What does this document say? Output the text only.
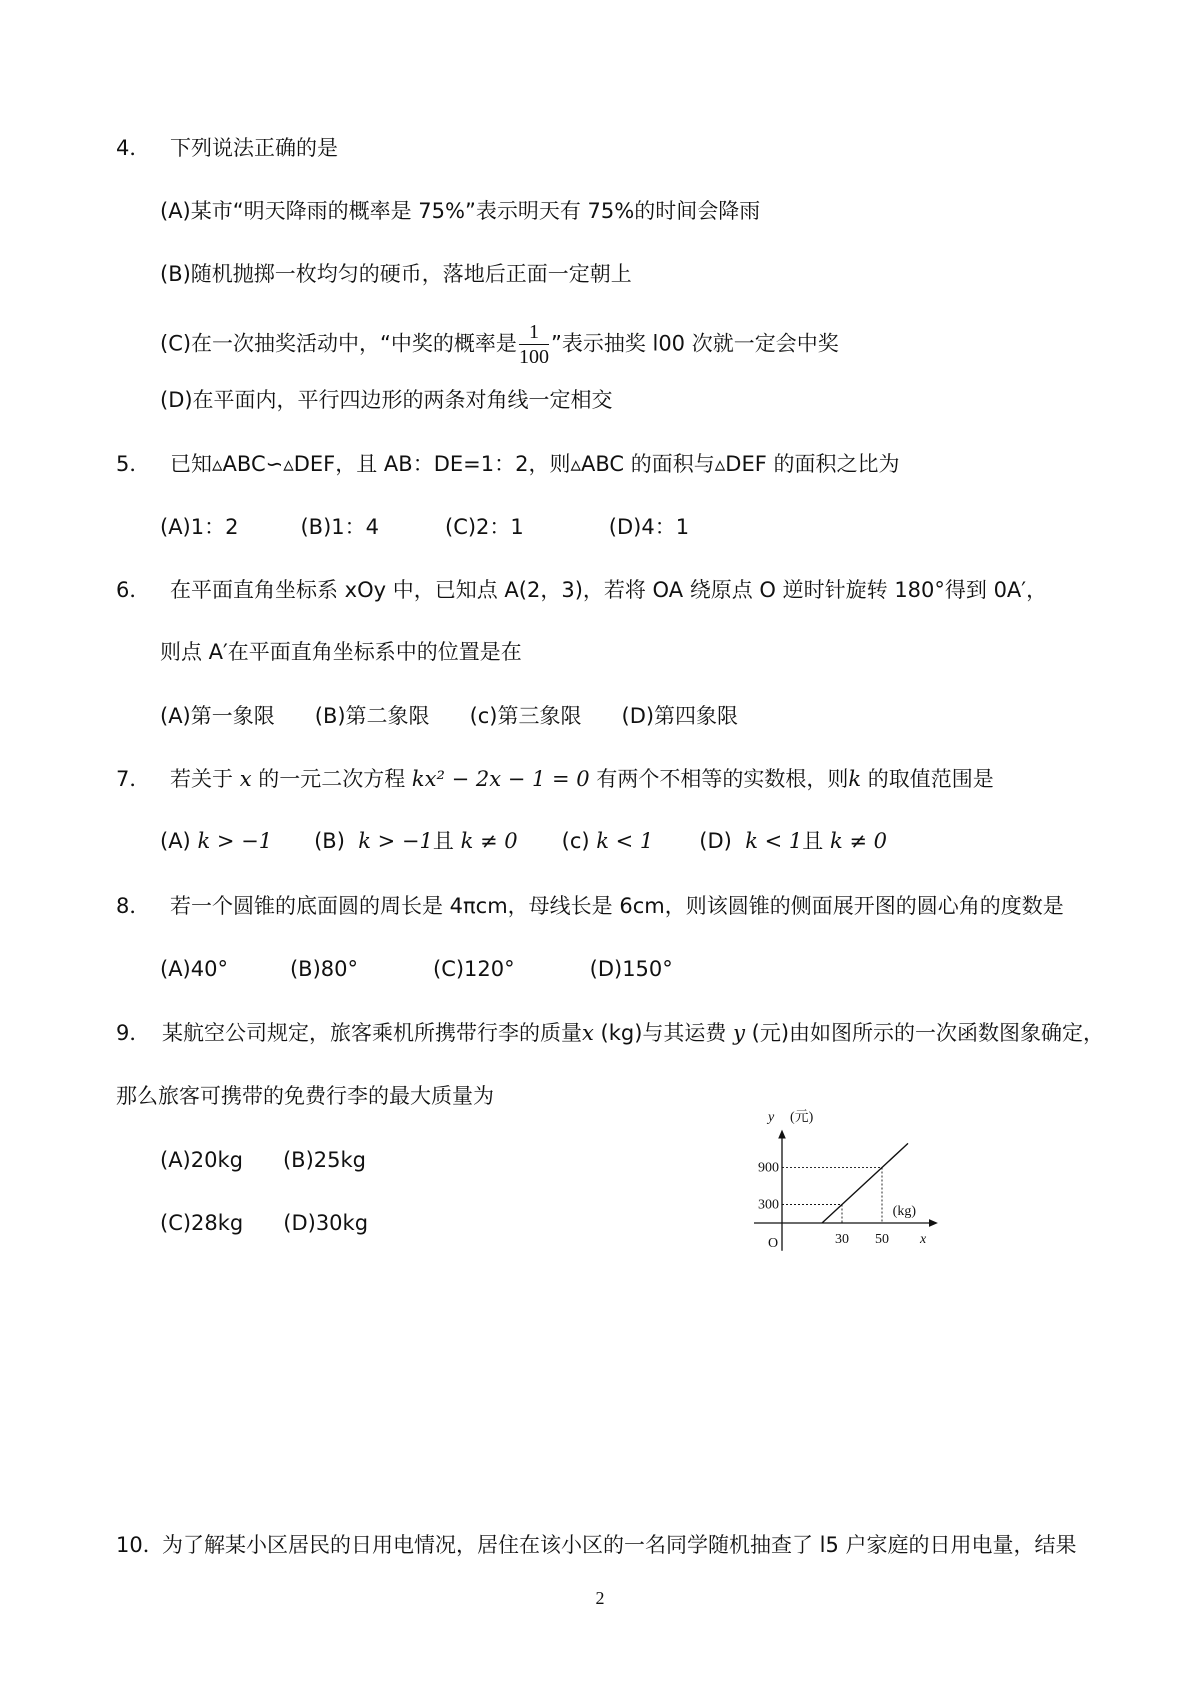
4． 下列说法正确的是
(A)某市“明天降雨的概率是 75%”表示明天有 75%的时间会降雨
(B)随机抛掷一枚均匀的硬币，落地后正面一定朝上
(C)在一次抽奖活动中，“中奖的概率是 $\frac{1}{100}$ ”表示抽奖 l00 次就一定会中奖
(D)在平面内，平行四边形的两条对角线一定相交
5． 已知▵ABC∽▵DEF，且 AB：DE=1：2，则▵ABC 的面积与▵DEF 的面积之比为
(A)1：2	(B)1：4	(C)2：1	(D)4：1
6． 在平面直角坐标系 xOy 中，已知点 A(2，3)，若将 OA 绕原点 O 逆时针旋转 180°得到 0A′，
则点 A′在平面直角坐标系中的位置是在
(A)第一象限 (B)第二象限 (c)第三象限 (D)第四象限
7． 若关于 x 的一元二次方程 kx² − 2x − 1 = 0 有两个不相等的实数根，则k 的取值范围是
(A) k > −1 (B) k > −1且 k ≠ 0 (c) k < 1 (D) k < 1且 k ≠ 0
8． 若一个圆锥的底面圆的周长是 4πcm，母线长是 6cm，则该圆锥的侧面展开图的圆心角的度数是
(A)40°	(B)80°	(C)120°	(D)150°
9． 某航空公司规定，旅客乘机所携带行李的质量x (kg)与其运费 y (元)由如图所示的一次函数图象确定，
那么旅客可携带的免费行李的最大质量为
(A)20kg (B)25kg
(C)28kg (D)30kg
30 50
300
900
y (元)
x
(kg)
O
10．为了解某小区居民的日用电情况，居住在该小区的一名同学随机抽查了 l5 户家庭的日用电量，结果
2
